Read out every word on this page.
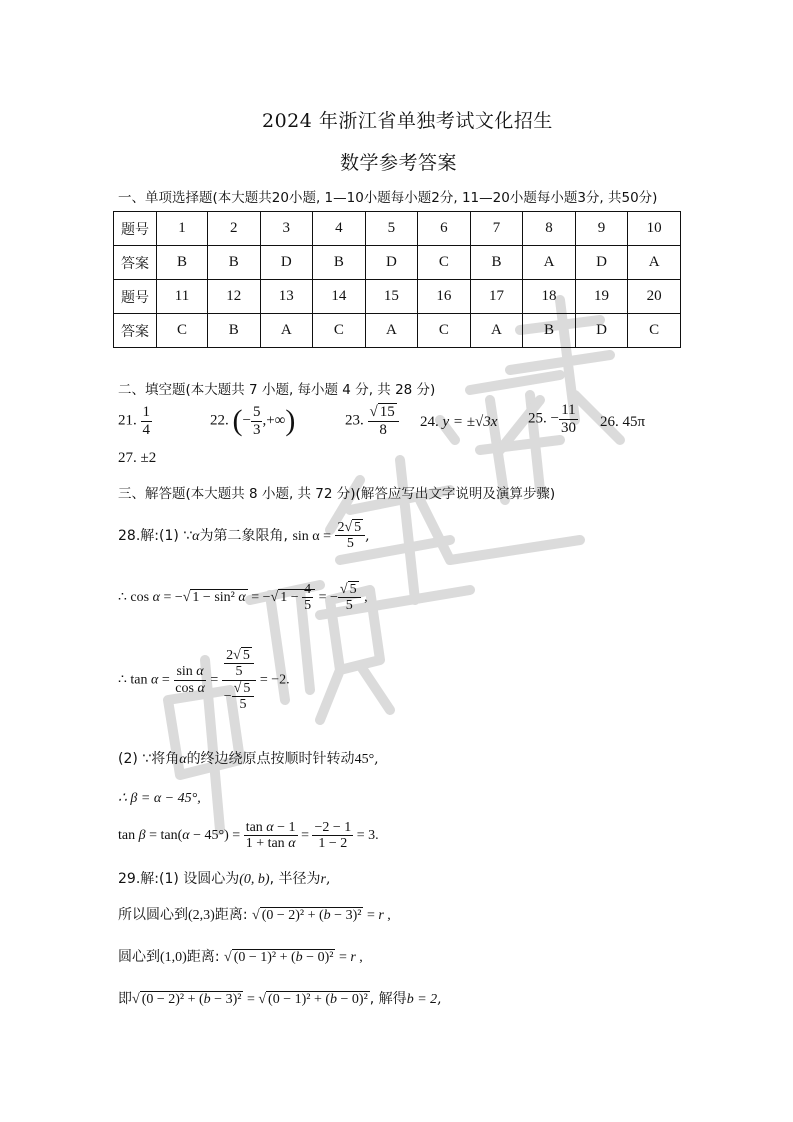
2024 年浙江省单独考试文化招生
数学参考答案
一、单项选择题(本大题共20小题, 1—10小题每小题2分, 11—20小题每小题3分, 共50分)
题号	1	2	3	4	5	6	7	8	9	10
答案	B	B	D	B	D	C	B	A	D	A
题号	11	12	13	14	15	16	17	18	19	20
答案	C	B	A	C	A	C	A	B	D	C
二、填空题(本大题共 7 小题, 每小题 4 分, 共 28 分)
21. $\frac{1}{4}$	22. (− $\frac{5}{3}$ ,+∞)	23. $\frac{√ 15}{8} 24$. y = ±√3x 25. − $\frac{11}{30} 26$. 45π
27. ±2
三、解答题(本大题共 8 小题, 共 72 分)(解答应写出文字说明及演算步骤)
28.解:(1) ∵α为第二象限角, $\sin \alpha = \frac{2√ 5}{5}$ ,
∴ cos α = −√ 1 − sin² α = −√ $1 - \frac{4}{5}$ = − $\frac{√ 5}{5}$ ,
∴ $\tan \alpha = \frac{\text{sin α}}{\text{cos α}} = \frac{\frac{2√ 5}{5}}{- \frac{√ 5}{5}} = -2$.
(2) ∵将角α的终边绕原点按顺时针转动45°,
∴ β = α − 45°,
$\tan \beta = \tan(\alpha - 45^\circ) = \frac{\text{tan α − 1}}{\text{1 + tan α}} = \frac{-2 - 1}{1 - 2} = 3$.
29.解:(1) 设圆心为(0, b), 半径为r,
所以圆心到(2,3)距离: √ (0 − 2)² + (b − 3)² = r ,
圆心到(1,0)距离: √ (0 − 1)² + (b − 0)² = r ,
即√ (0 − 2)² + (b − 3)² = √ (0 − 1)² + (b − 0)² , 解得b = 2,
